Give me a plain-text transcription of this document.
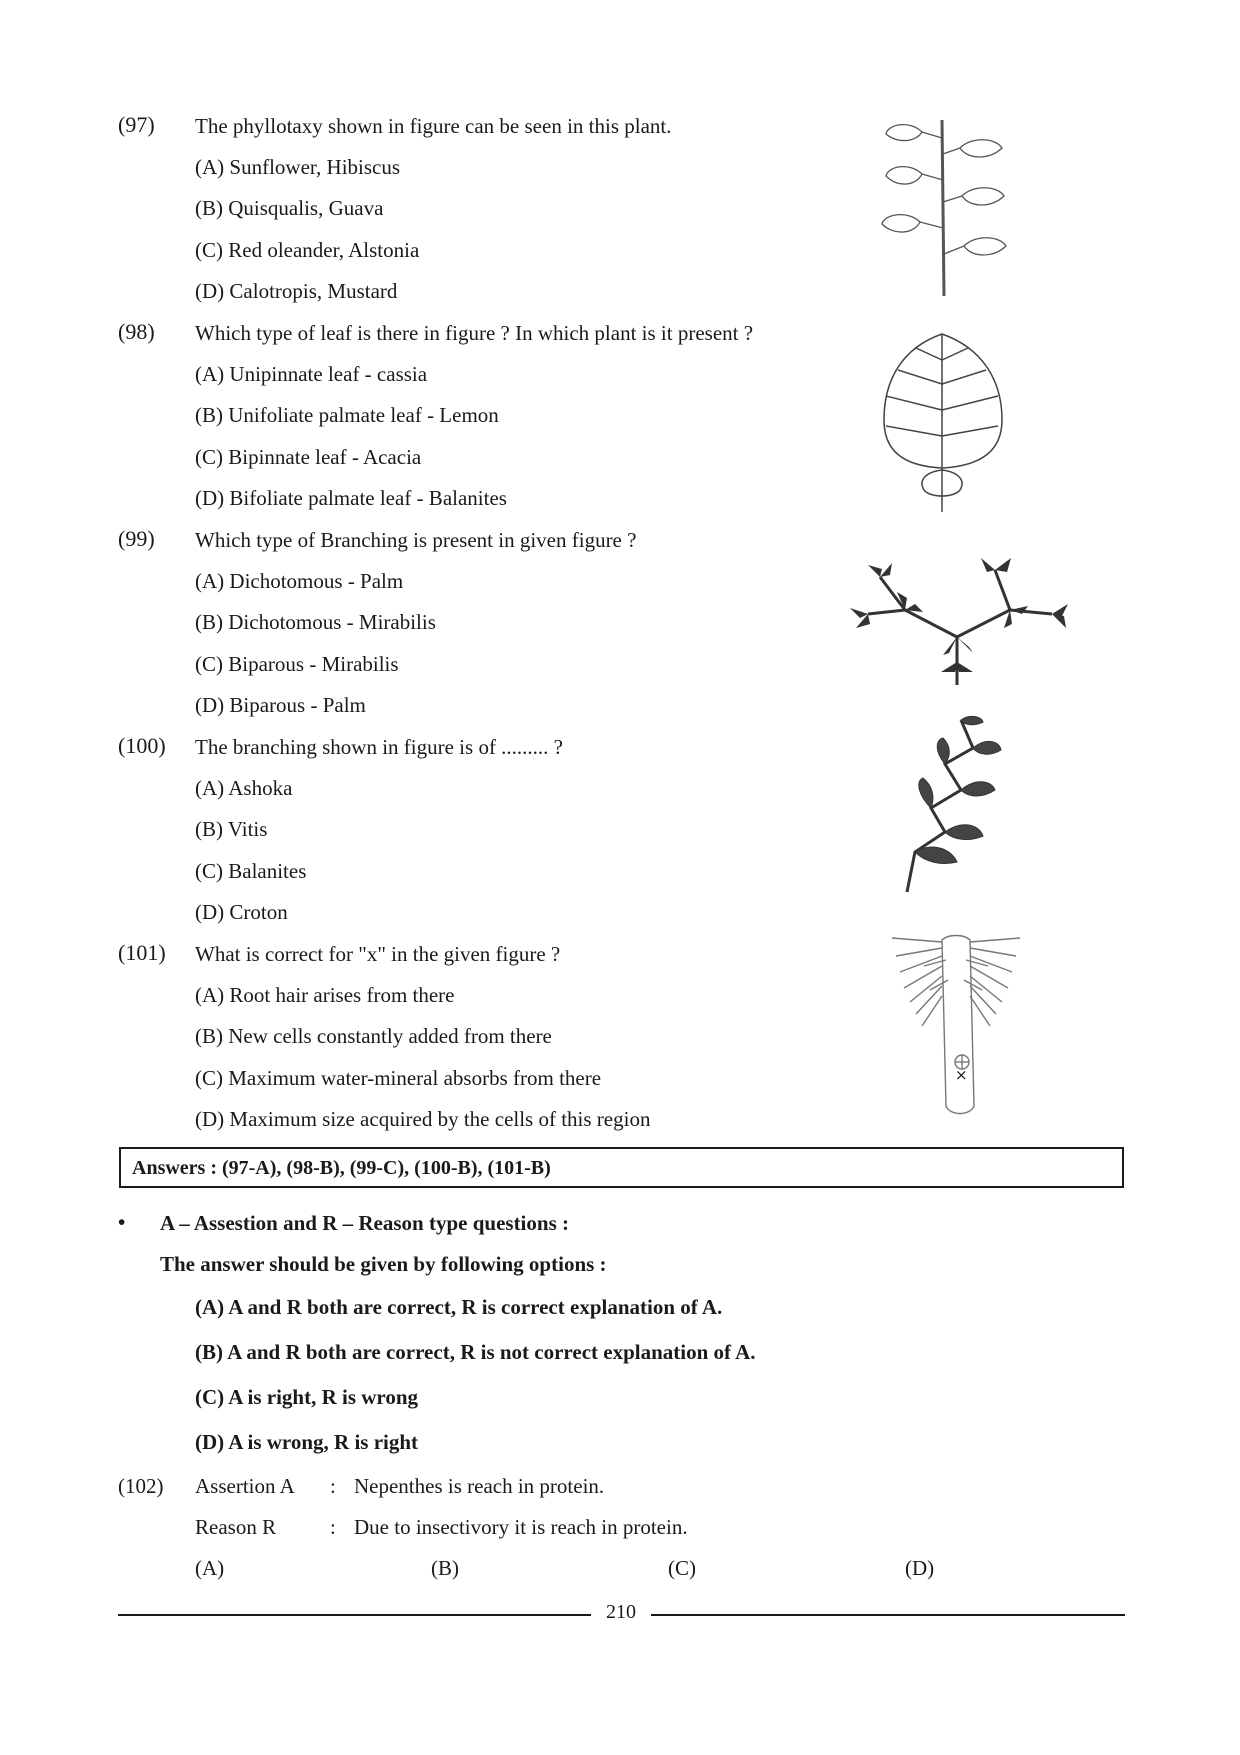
(97) The phyllotaxy shown in figure can be seen in this plant.
(A) Sunflower, Hibiscus
(B) Quisqualis, Guava
(C) Red oleander, Alstonia
(D) Calotropis, Mustard
(98) Which type of leaf is there in figure ? In which plant is it present ?
(A) Unipinnate leaf - cassia
(B) Unifoliate palmate leaf - Lemon
(C) Bipinnate leaf - Acacia
(D) Bifoliate palmate leaf - Balanites
(99) Which type of Branching is present in given figure ?
(A) Dichotomous - Palm
(B) Dichotomous - Mirabilis
(C) Biparous - Mirabilis
(D) Biparous - Palm
(100) The branching shown in figure is of ......... ?
(A) Ashoka
(B) Vitis
(C) Balanites
(D) Croton
(101) What is correct for "x" in the given figure ?
(A) Root hair arises from there
(B) New cells constantly added from there
(C) Maximum water-mineral absorbs from there
(D) Maximum size acquired by the cells of this region
×
Answers : (97-A), (98-B), (99-C), (100-B), (101-B)
• A – Assestion and R – Reason type questions :
The answer should be given by following options :
(A) A and R both are correct, R is correct explanation of A.
(B) A and R both are correct, R is not correct explanation of A.
(C) A is right, R is wrong
(D) A is wrong, R is right
(102) Assertion A : Nepenthes is reach in protein.
Reason R	: Due to insectivory it is reach in protein.
(A)	(B)	(C)	(D)
210
